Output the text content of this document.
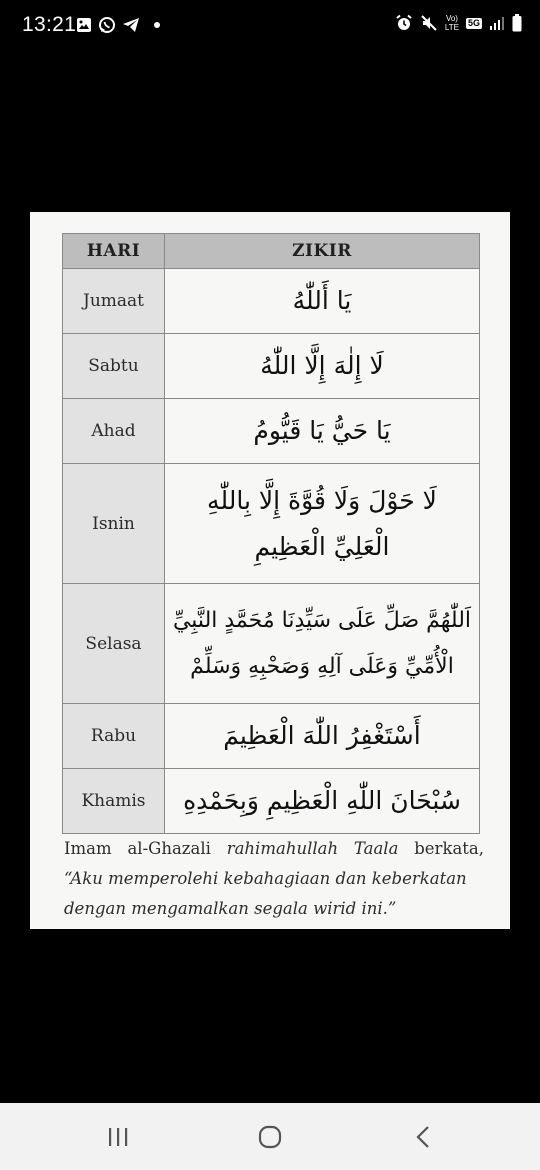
13:21	Vo)
LTE 5G
HARI	ZIKIR
Jumaat	يَا أَللّٰهُ

Sabtu	لَا إِلٰهَ إِلَّا اللّٰهُ

Ahad	يَا حَيُّ يَا قَيُّومُ

Isnin	لَا حَوْلَ وَلَا قُوَّةَ إِلَّا بِاللّٰهِ
الْعَلِيِّ الْعَظِيمِ

Selasa	اَللّٰهُمَّ صَلِّ عَلَى سَيِّدِنَا مُحَمَّدٍ النَّبِيِّ
الْأُمِّيِّ وَعَلَى آلِهِ وَصَحْبِهِ وَسَلِّمْ

Rabu	أَسْتَغْفِرُ اللّٰهَ الْعَظِيمَ

Khamis	سُبْحَانَ اللّٰهِ الْعَظِيمِ وَبِحَمْدِهِ
Imam al-Ghazali rahimahullah Taala berkata,
“Aku memperolehi kebahagiaan dan keberkatan
dengan mengamalkan segala wirid ini.”
